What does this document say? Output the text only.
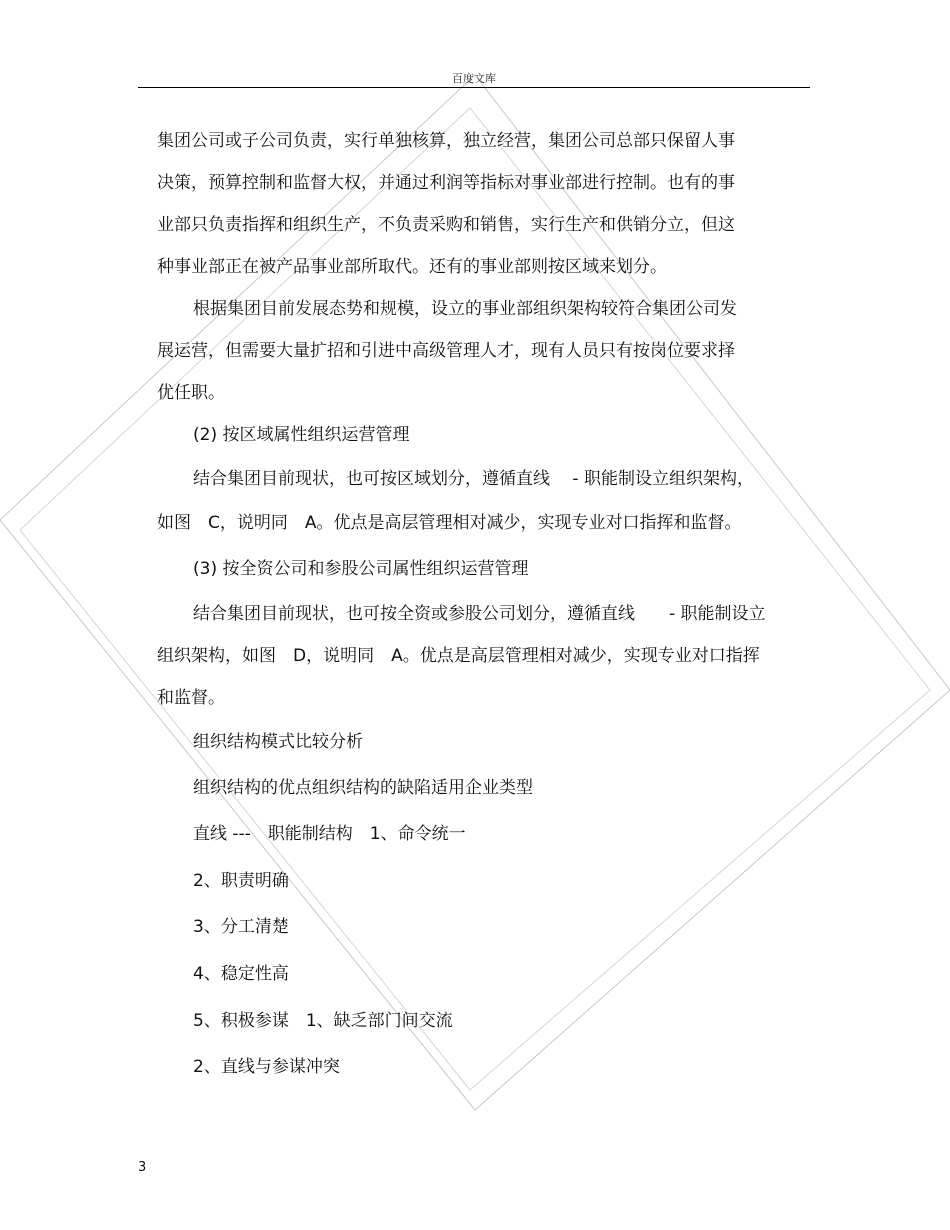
百度文库
集团公司或子公司负责，实行单独核算，独立经营，集团公司总部只保留人事
决策，预算控制和监督大权，并通过利润等指标对事业部进行控制。也有的事
业部只负责指挥和组织生产，不负责采购和销售，实行生产和供销分立，但这
种事业部正在被产品事业部所取代。还有的事业部则按区域来划分。
根据集团目前发展态势和规模，设立的事业部组织架构较符合集团公司发
展运营，但需要大量扩招和引进中高级管理人才，现有人员只有按岗位要求择
优任职。
(2) 按区域属性组织运营管理
结合集团目前现状，也可按区域划分，遵循直线　 - 职能制设立组织架构，
如图　C，说明同　A。优点是高层管理相对减少，实现专业对口指挥和监督。
(3) 按全资公司和参股公司属性组织运营管理
结合集团目前现状，也可按全资或参股公司划分，遵循直线　　- 职能制设立
组织架构，如图　D，说明同　A。优点是高层管理相对减少，实现专业对口指挥
和监督。
组织结构模式比较分析
组织结构的优点组织结构的缺陷适用企业类型
直线 ---　职能制结构　1、命令统一
2、职责明确
3、分工清楚
4、稳定性高
5、积极参谋　1、缺乏部门间交流
2、直线与参谋冲突
3
